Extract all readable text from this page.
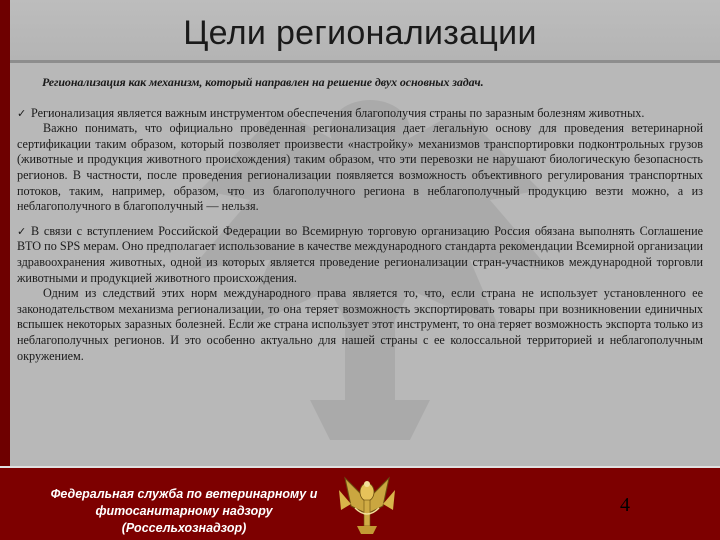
Цели регионализации
Регионализация как механизм, который направлен на решение двух основных задач.

✓ Регионализация является важным инструментом обеспечения благополучия страны по заразным болезням животных.

Важно понимать, что официально проведенная регионализация дает легальную основу для проведения ветеринарной сертификации таким образом, который позволяет произвести «настройку» механизмов транспортировки подконтрольных грузов (животные и продукция животного происхождения) таким образом, что эти перевозки не нарушают биологическую безопасность регионов. В частности, после проведения регионализации появляется возможность объективного регулирования транспортных потоков, таким, например, образом, что из благополучного региона в неблагополучный продукцию везти можно, а из неблагополучного в благополучный — нельзя.

✓ В связи с вступлением Российской Федерации во Всемирную торговую организацию Россия обязана выполнять Соглашение ВТО по SPS мерам. Оно предполагает использование в качестве международного стандарта рекомендации Всемирной организации здравоохранения животных, одной из которых является проведение регионализации стран-участников международной торговли животными и продукцией животного происхождения.

Одним из следствий этих норм международного права является то, что, если страна не использует установленного ее законодательством механизма регионализации, то она теряет возможность экспортировать товары при возникновении единичных вспышек некоторых заразных болезней. Если же страна использует этот инструмент, то она теряет возможность экспорта только из неблагополучных регионов. И это особенно актуально для нашей страны с ее колоссальной территорией и неблагополучным окружением.

Федеральная служба по ветеринарному и
фитосанитарному надзору
(Россельхознадзор)
4
